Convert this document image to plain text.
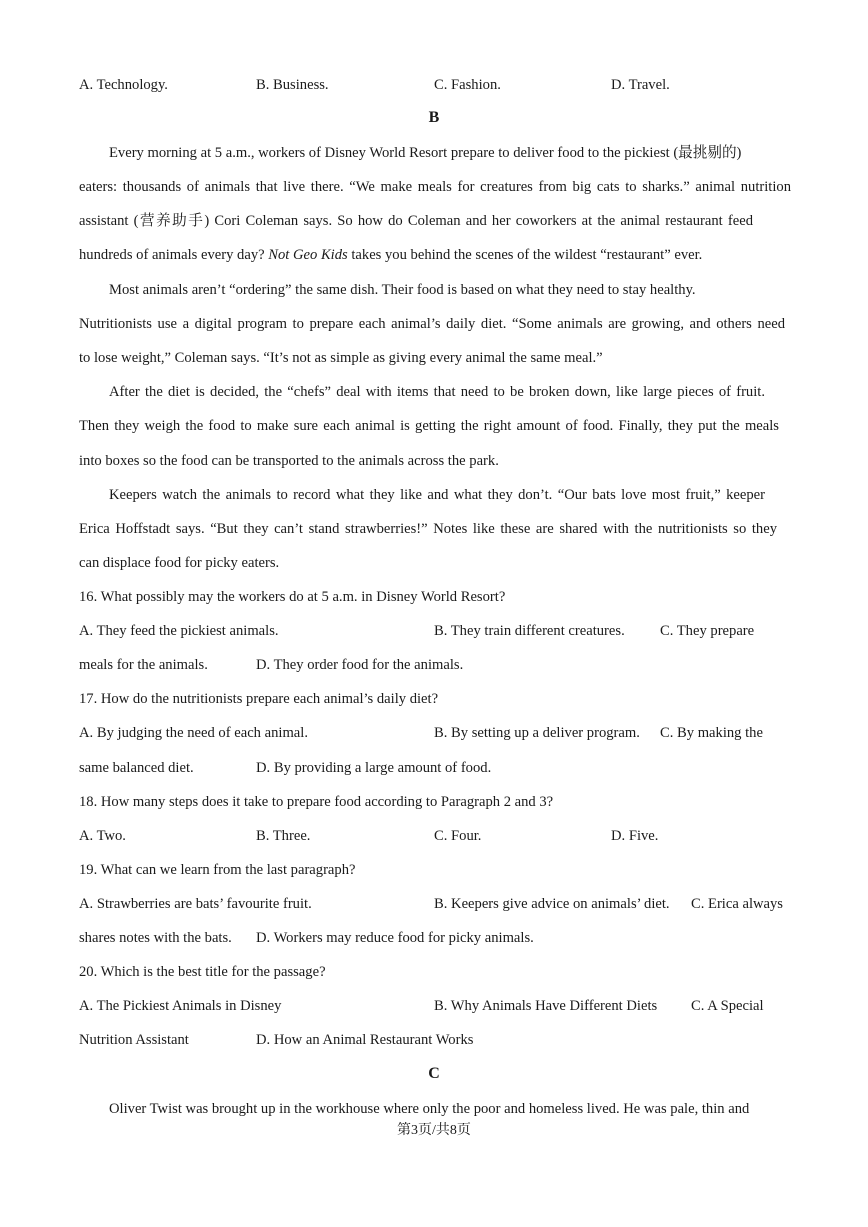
A. Technology.	B. Business.	C. Fashion.	D. Travel.
B
Every morning at 5 a.m., workers of Disney World Resort prepare to deliver food to the pickiest (最挑剔的)
eaters: thousands of animals that live there. “We make meals for creatures from big cats to sharks.” animal nutrition
assistant (营养助手) Cori Coleman says. So how do Coleman and her coworkers at the animal restaurant feed
hundreds of animals every day? Not Geo Kids takes you behind the scenes of the wildest “restaurant” ever.
Most animals aren’t “ordering” the same dish. Their food is based on what they need to stay healthy.
Nutritionists use a digital program to prepare each animal’s daily diet. “Some animals are growing, and others need
to lose weight,” Coleman says. “It’s not as simple as giving every animal the same meal.”
After the diet is decided, the “chefs” deal with items that need to be broken down, like large pieces of fruit.
Then they weigh the food to make sure each animal is getting the right amount of food. Finally, they put the meals
into boxes so the food can be transported to the animals across the park.
Keepers watch the animals to record what they like and what they don’t. “Our bats love most fruit,” keeper
Erica Hoffstadt says. “But they can’t stand strawberries!” Notes like these are shared with the nutritionists so they
can displace food for picky eaters.
16. What possibly may the workers do at 5 a.m. in Disney World Resort?
A. They feed the pickiest animals.	B. They train different creatures. C. They prepare
meals for the animals.	D. They order food for the animals.
17. How do the nutritionists prepare each animal’s daily diet?
A. By judging the need of each animal.	B. By setting up a deliver program. C. By making the
same balanced diet.	D. By providing a large amount of food.
18. How many steps does it take to prepare food according to Paragraph 2 and 3?
A. Two.	B. Three.	C. Four.	D. Five.
19. What can we learn from the last paragraph?
A. Strawberries are bats’ favourite fruit.	B. Keepers give advice on animals’ diet. C. Erica always
shares notes with the bats. D. Workers may reduce food for picky animals.
20. Which is the best title for the passage?
A. The Pickiest Animals in Disney	B. Why Animals Have Different Diets C. A Special
Nutrition Assistant	D. How an Animal Restaurant Works
C
Oliver Twist was brought up in the workhouse where only the poor and homeless lived. He was pale, thin and
第3页/共8页
